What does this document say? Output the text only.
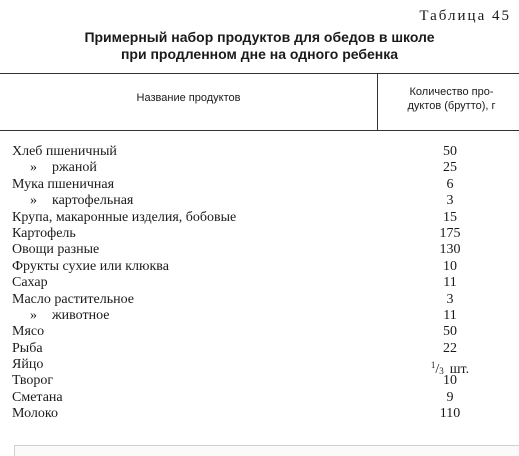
Таблица 45
Примерный набор продуктов для обедов в школе
при продленном дне на одного ребенка
Название продуктов	Количество про-
дуктов (брутто), г
Хлеб пшеничный	50
» ржаной	25
Мука пшеничная	6
» картофельная	3
Крупа, макаронные изделия, бобовые	15
Картофель	175
Овощи разные	130
Фрукты сухие или клюква	10
Сахар	11
Масло растительное	3
» животное	11
Мясо	50
Рыба	22
Яйцо	$^1/_3$ шт.
Творог	10
Сметана	9
Молоко	110
